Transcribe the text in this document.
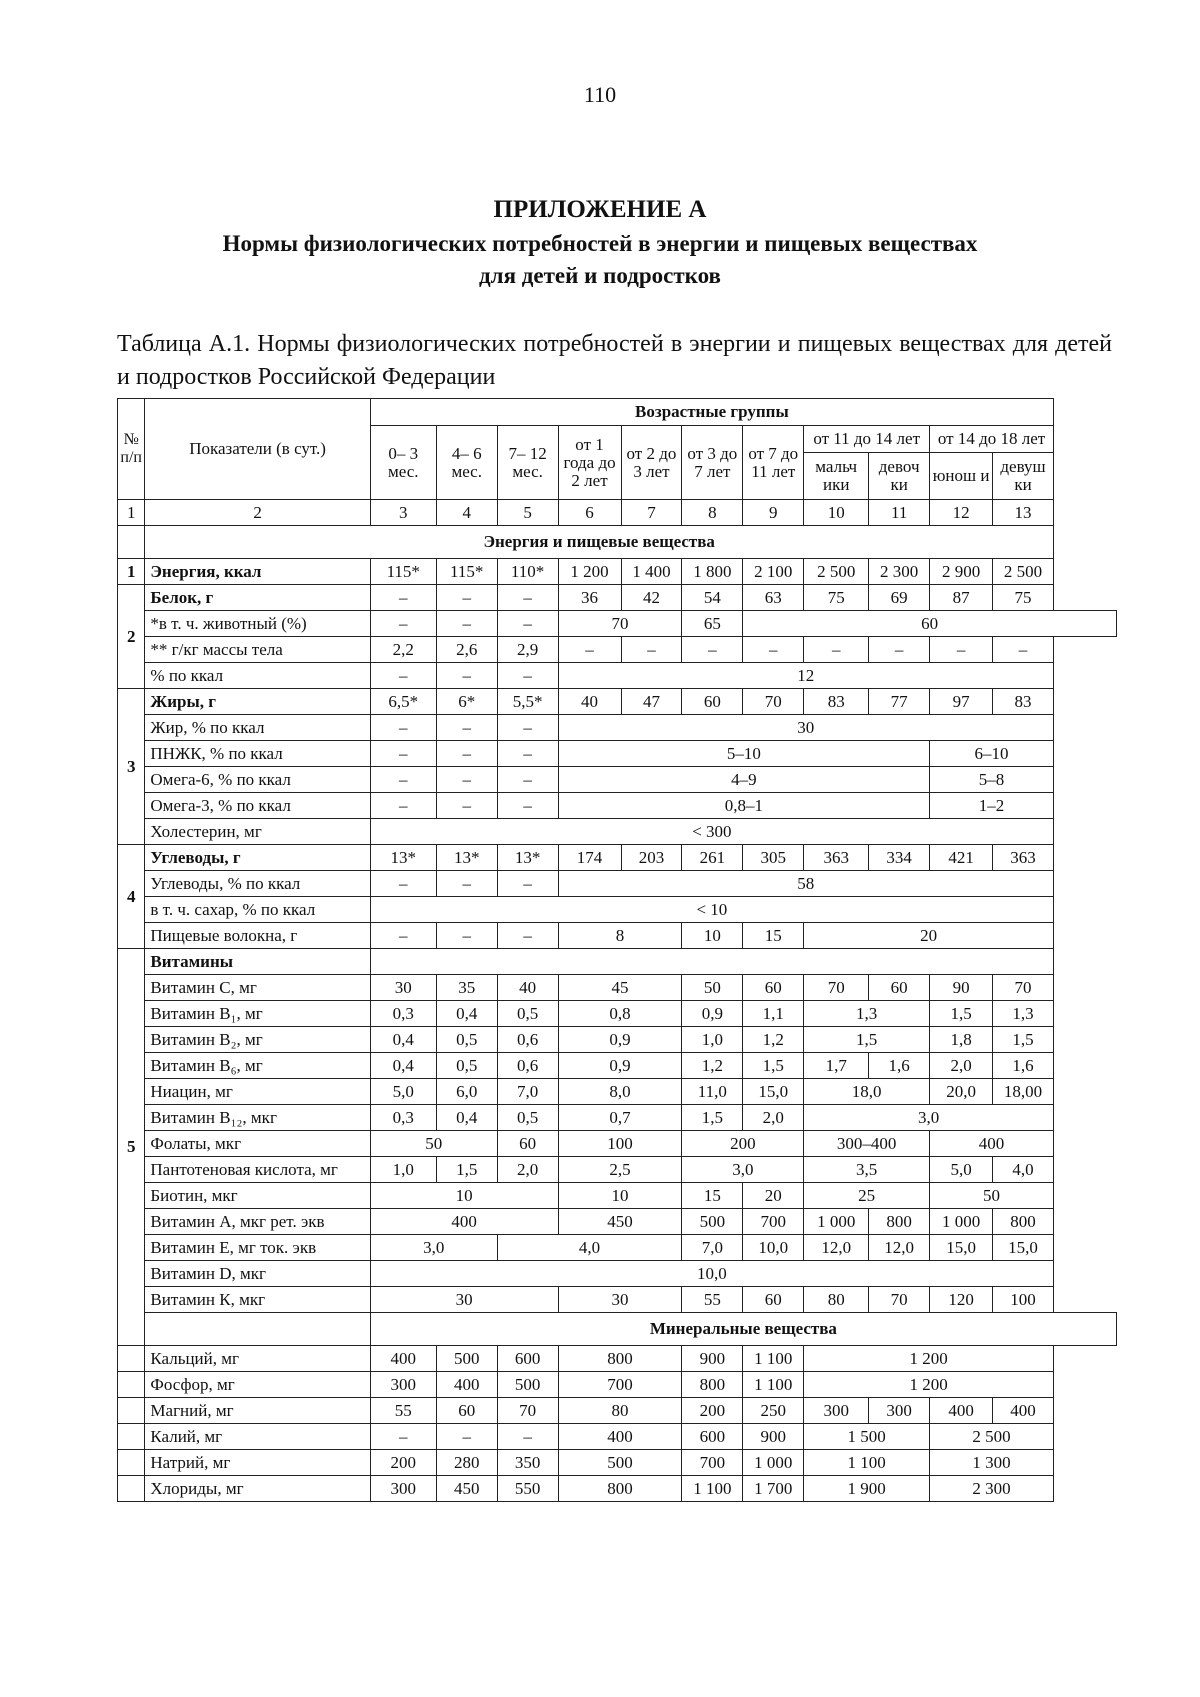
110
ПРИЛОЖЕНИЕ А
Нормы физиологических потребностей в энергии и пищевых веществах
для детей и подростков
Таблица А.1. Нормы физиологических потребностей в энергии и пищевых веществах для детей и подростков Российской Федерации
№ п/п	Показатели (в сут.)	Возрастные группы										
		0– 3 мес.	4– 6 мес.	7– 12 мес.	от 1 года до 2 лет	от 2 до 3 лет	от 3 до 7 лет	от 7 до 11 лет	от 11 до 14 лет		от 14 до 18 лет	
									мальч ики	девоч ки	юнош и	девуш ки
1	2	3	4	5	6	7	8	9	10	11	12	13
	Энергия и пищевые вещества											
1	Энергия, ккал	115*	115*	110*	1 200	1 400	1 800	2 100	2 500	2 300	2 900	2 500
2	Белок, г	–	–	–	36	42	54	63	75	69	87	75
	*в т. ч. животный (%)	–	–	–	70		65	60				
	** г/кг массы тела	2,2	2,6	2,9	–	–	–	–	–	–	–	–
	% по ккал	–	–	–	12							
3	Жиры, г	6,5*	6*	5,5*	40	47	60	70	83	77	97	83
	Жир, % по ккал	–	–	–	30							
	ПНЖК, % по ккал	–	–	–	5–10						6–10	
	Омега-6, % по ккал	–	–	–	4–9						5–8	
	Омега-3, % по ккал	–	–	–	0,8–1						1–2	
	Холестерин, мг	< 300										
4	Углеводы, г	13*	13*	13*	174	203	261	305	363	334	421	363
	Углеводы, % по ккал	–	–	–	58							
	в т. ч. сахар, % по ккал	< 10										
	Пищевые волокна, г	–	–	–	8		10	15	20			
5	Витамины											
	Витамин С, мг	30	35	40	45		50	60	70	60	90	70
	Витамин В₁, мг	0,3	0,4	0,5	0,8		0,9	1,1	1,3		1,5	1,3
	Витамин В₂, мг	0,4	0,5	0,6	0,9		1,0	1,2	1,5		1,8	1,5
	Витамин В₆, мг	0,4	0,5	0,6	0,9		1,2	1,5	1,7	1,6	2,0	1,6
	Ниацин, мг	5,0	6,0	7,0	8,0		11,0	15,0	18,0		20,0	18,00
	Витамин В₁₂, мкг	0,3	0,4	0,5	0,7		1,5	2,0	3,0			
	Фолаты, мкг	50		60	100		200		300–400		400	
	Пантотеновая кислота, мг	1,0	1,5	2,0	2,5		3,0		3,5		5,0	4,0
	Биотин, мкг	10			10		15	20	25		50	
	Витамин А, мкг рет. экв	400			450		500	700	1 000	800	1 000	800
	Витамин Е, мг ток. экв	3,0		4,0			7,0	10,0	12,0	12,0	15,0	15,0
	Витамин D, мкг	10,0										
	Витамин К, мкг	30			30		55	60	80	70	120	100
		Минеральные вещества										
	Кальций, мг	400	500	600	800		900	1 100	1 200			
	Фосфор, мг	300	400	500	700		800	1 100	1 200			
	Магний, мг	55	60	70	80		200	250	300	300	400	400
	Калий, мг	–	–	–	400		600	900	1 500		2 500	
	Натрий, мг	200	280	350	500		700	1 000	1 100		1 300	
	Хлориды, мг	300	450	550	800		1 100	1 700	1 900		2 300	
